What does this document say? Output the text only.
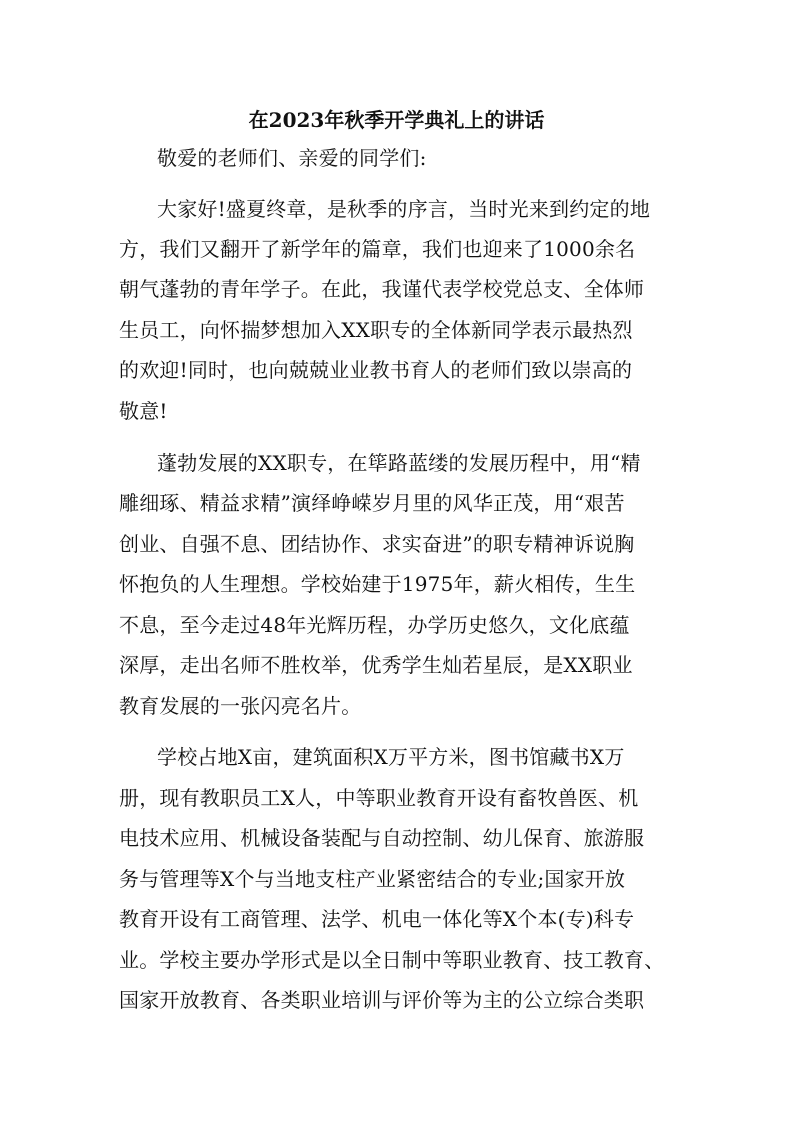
在2023年秋季开学典礼上的讲话
敬爱的老师们、亲爱的同学们:
大家好!盛夏终章，是秋季的序言，当时光来到约定的地
方，我们又翻开了新学年的篇章，我们也迎来了1000余名
朝气蓬勃的青年学子。在此，我谨代表学校党总支、全体师
生员工，向怀揣梦想加入XX职专的全体新同学表示最热烈
的欢迎!同时，也向兢兢业业教书育人的老师们致以崇高的
敬意!
蓬勃发展的XX职专，在筚路蓝缕的发展历程中，用“精
雕细琢、精益求精”演绎峥嵘岁月里的风华正茂，用“艰苦
创业、自强不息、团结协作、求实奋进”的职专精神诉说胸
怀抱负的人生理想。学校始建于1975年，薪火相传，生生
不息，至今走过48年光辉历程，办学历史悠久，文化底蕴
深厚，走出名师不胜枚举，优秀学生灿若星辰，是XX职业
教育发展的一张闪亮名片。
学校占地X亩，建筑面积X万平方米，图书馆藏书X万
册，现有教职员工X人，中等职业教育开设有畜牧兽医、机
电技术应用、机械设备装配与自动控制、幼儿保育、旅游服
务与管理等X个与当地支柱产业紧密结合的专业;国家开放
教育开设有工商管理、法学、机电一体化等X个本(专)科专
业。学校主要办学形式是以全日制中等职业教育、技工教育、
国家开放教育、各类职业培训与评价等为主的公立综合类职
